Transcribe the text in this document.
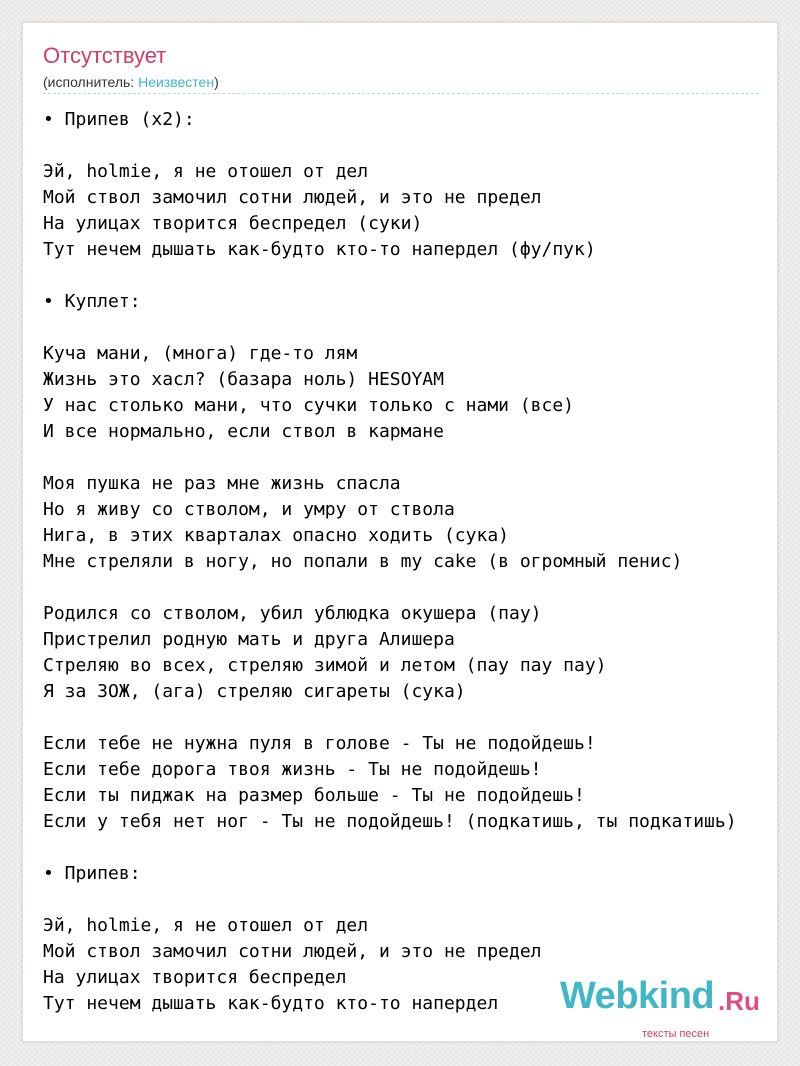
Отсутствует
(исполнитель: Неизвестен)
• Припев (x2):

Эй, holmie, я не отошел от дел
Мой ствол замочил сотни людей, и это не предел
На улицах творится беспредел (суки)
Тут нечем дышать как-будто кто-то напердел (фу/пук)

• Куплет:

Куча мани, (многа) где-то лям
Жизнь это хасл? (базара ноль) HESOYAM
У нас столько мани, что сучки только с нами (все)
И все нормально, если ствол в кармане

Моя пушка не раз мне жизнь спасла
Но я живу со стволом, и умру от ствола
Нига, в этих кварталах опасно ходить (сука)
Мне стреляли в ногу, но попали в my cake (в огромный пенис)

Родился со стволом, убил ублюдка окушера (пау)
Пристрелил родную мать и друга Алишера
Стреляю во всех, стреляю зимой и летом (пау пау пау)
Я за ЗОЖ, (ага) стреляю сигареты (сука)

Если тебе не нужна пуля в голове - Ты не подойдешь!
Если тебе дорога твоя жизнь - Ты не подойдешь!
Если ты пиджак на размер больше - Ты не подойдешь!
Если у тебя нет ног - Ты не подойдешь! (подкатишь, ты подкатишь)

• Припев:

Эй, holmie, я не отошел от дел
Мой ствол замочил сотни людей, и это не предел
На улицах творится беспредел
Тут нечем дышать как-будто кто-то напердел	Webkind .Ru
тексты песен
